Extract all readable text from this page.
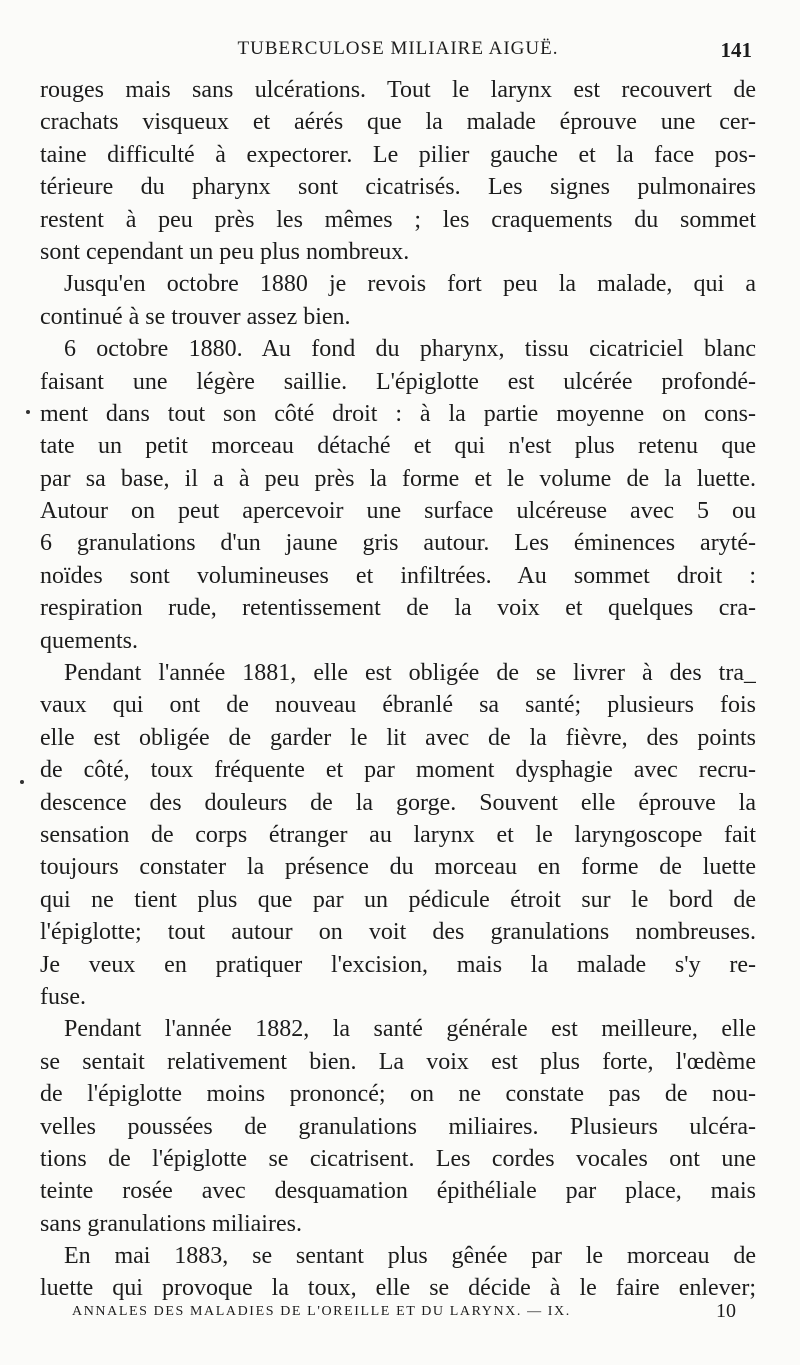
TUBERCULOSE MILIAIRE AIGUË.	141
rouges mais sans ulcérations. Tout le larynx est recouvert de
crachats visqueux et aérés que la malade éprouve une cer-
taine difficulté à expectorer. Le pilier gauche et la face pos-
térieure du pharynx sont cicatrisés. Les signes pulmonaires
restent à peu près les mêmes ; les craquements du sommet
sont cependant un peu plus nombreux.
Jusqu'en octobre 1880 je revois fort peu la malade, qui a
continué à se trouver assez bien.
6 octobre 1880. Au fond du pharynx, tissu cicatriciel blanc
faisant une légère saillie. L'épiglotte est ulcérée profondé-
ment dans tout son côté droit : à la partie moyenne on cons-
tate un petit morceau détaché et qui n'est plus retenu que
par sa base, il a à peu près la forme et le volume de la luette.
Autour on peut apercevoir une surface ulcéreuse avec 5 ou
6 granulations d'un jaune gris autour. Les éminences aryté-
noïdes sont volumineuses et infiltrées. Au sommet droit :
respiration rude, retentissement de la voix et quelques cra-
quements.
Pendant l'année 1881, elle est obligée de se livrer à des tra_
vaux qui ont de nouveau ébranlé sa santé; plusieurs fois
elle est obligée de garder le lit avec de la fièvre, des points
de côté, toux fréquente et par moment dysphagie avec recru-
descence des douleurs de la gorge. Souvent elle éprouve la
sensation de corps étranger au larynx et le laryngoscope fait
toujours constater la présence du morceau en forme de luette
qui ne tient plus que par un pédicule étroit sur le bord de
l'épiglotte; tout autour on voit des granulations nombreuses.
Je veux en pratiquer l'excision, mais la malade s'y re-
fuse.
Pendant l'année 1882, la santé générale est meilleure, elle
se sentait relativement bien. La voix est plus forte, l'œdème
de l'épiglotte moins prononcé; on ne constate pas de nou-
velles poussées de granulations miliaires. Plusieurs ulcéra-
tions de l'épiglotte se cicatrisent. Les cordes vocales ont une
teinte rosée avec desquamation épithéliale par place, mais
sans granulations miliaires.
En mai 1883, se sentant plus gênée par le morceau de
luette qui provoque la toux, elle se décide à le faire enlever;
ANNALES DES MALADIES DE L'OREILLE ET DU LARYNX. — IX.	10
